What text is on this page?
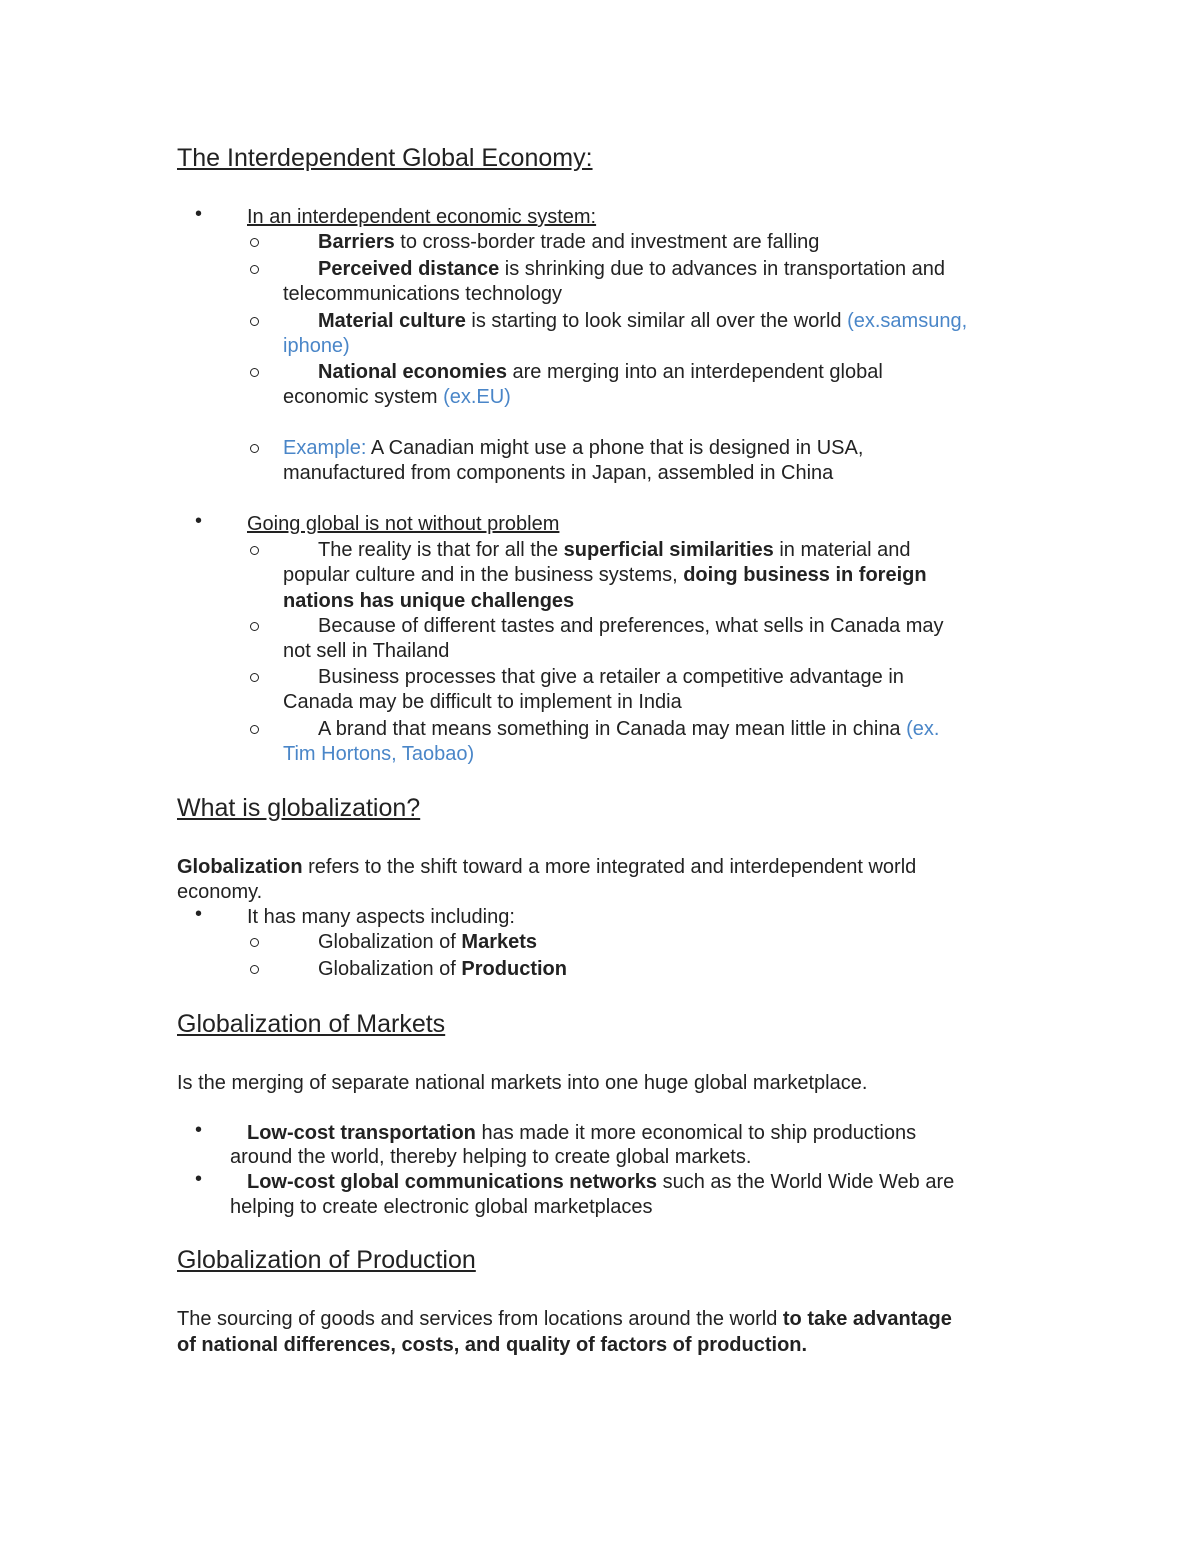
The Interdependent Global Economy:
• In an interdependent economic system:
Barriers to cross-border trade and investment are falling
Perceived distance is shrinking due to advances in transportation and
telecommunications technology
Material culture is starting to look similar all over the world (ex.samsung,
iphone)
National economies are merging into an interdependent global
economic system (ex.EU)
Example: A Canadian might use a phone that is designed in USA,
manufactured from components in Japan, assembled in China
• Going global is not without problem
The reality is that for all the superficial similarities in material and
popular culture and in the business systems, doing business in foreign
nations has unique challenges
Because of different tastes and preferences, what sells in Canada may
not sell in Thailand
Business processes that give a retailer a competitive advantage in
Canada may be difficult to implement in India
A brand that means something in Canada may mean little in china (ex.
Tim Hortons, Taobao)
What is globalization?
Globalization refers to the shift toward a more integrated and interdependent world
economy.
• It has many aspects including:
Globalization of Markets
Globalization of Production
Globalization of Markets
Is the merging of separate national markets into one huge global marketplace.
• Low-cost transportation has made it more economical to ship productions
around the world, thereby helping to create global markets.
• Low-cost global communications networks such as the World Wide Web are
helping to create electronic global marketplaces
Globalization of Production
The sourcing of goods and services from locations around the world to take advantage
of national differences, costs, and quality of factors of production.
